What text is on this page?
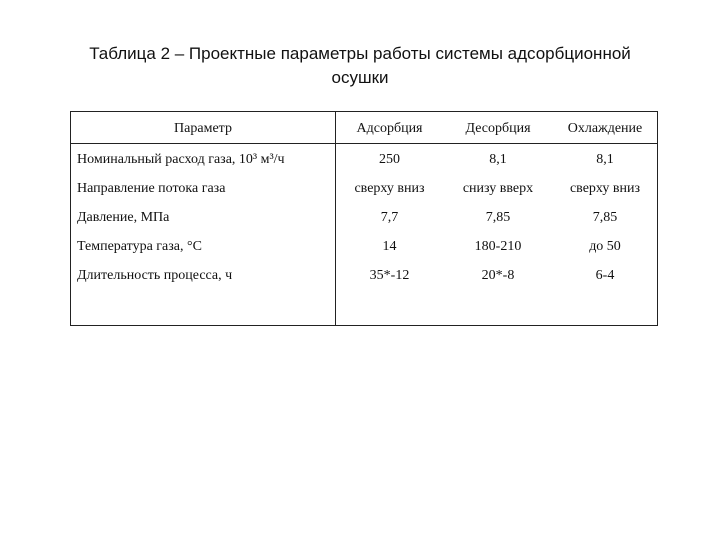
Таблица 2 – Проектные параметры работы системы адсорбционной
осушки
Параметр	Адсорбция	Десорбция	Охлаждение
Номинальный расход газа, 10³ м³/ч	250	8,1	8,1
Направление потока газа	сверху вниз	снизу вверх	сверху вниз
Давление, МПа	7,7	7,85	7,85
Температура газа, °С	14	180-210	до 50
Длительность процесса, ч	35*-12	20*-8	6-4
